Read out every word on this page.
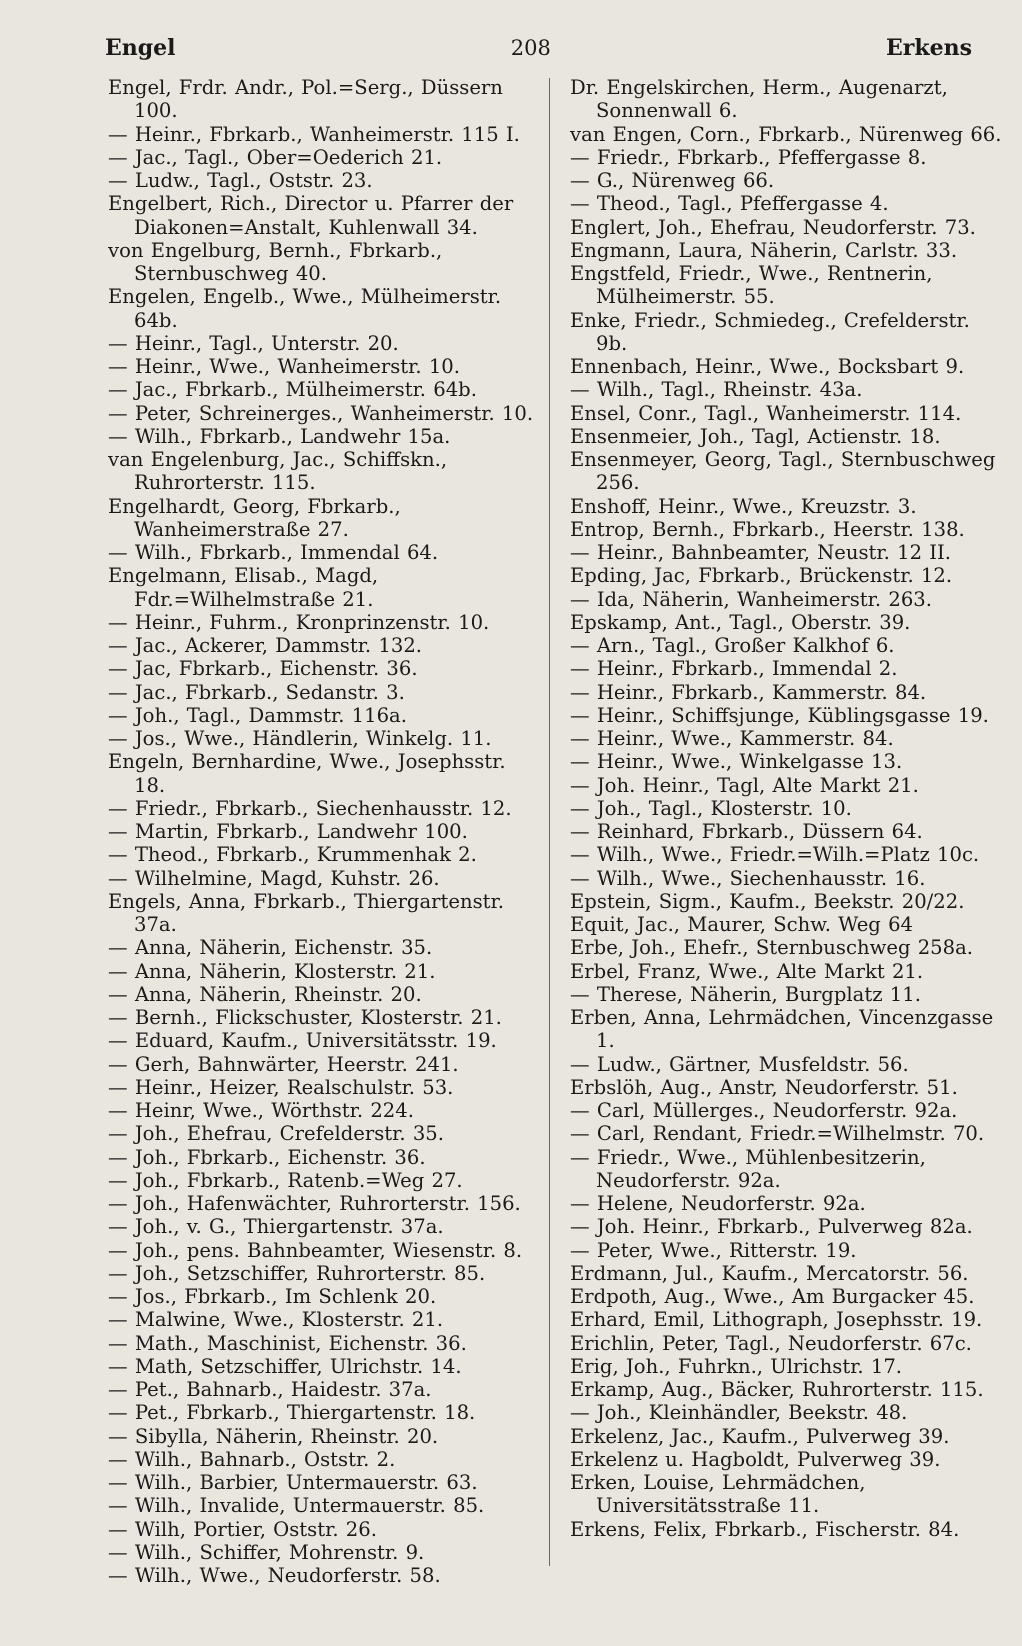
Engel	208	Erkens
Engel, Frdr. Andr., Pol.=Serg., Düssern 100.
— Heinr., Fbrkarb., Wanheimerstr. 115 I.
— Jac., Tagl., Ober=Oederich 21.
— Ludw., Tagl., Oststr. 23.
Engelbert, Rich., Director u. Pfarrer der Diakonen=Anstalt, Kuhlenwall 34.
von Engelburg, Bernh., Fbrkarb., Sternbuschweg 40.
Engelen, Engelb., Wwe., Mülheimerstr. 64b.
— Heinr., Tagl., Unterstr. 20.
— Heinr., Wwe., Wanheimerstr. 10.
— Jac., Fbrkarb., Mülheimerstr. 64b.
— Peter, Schreinerges., Wanheimerstr. 10.
— Wilh., Fbrkarb., Landwehr 15a.
van Engelenburg, Jac., Schiffskn., Ruhrorterstr. 115.
Engelhardt, Georg, Fbrkarb., Wanheimerstraße 27.
— Wilh., Fbrkarb., Immendal 64.
Engelmann, Elisab., Magd, Fdr.=Wilhelmstraße 21.
— Heinr., Fuhrm., Kronprinzenstr. 10.
— Jac., Ackerer, Dammstr. 132.
— Jac, Fbrkarb., Eichenstr. 36.
— Jac., Fbrkarb., Sedanstr. 3.
— Joh., Tagl., Dammstr. 116a.
— Jos., Wwe., Händlerin, Winkelg. 11.
Engeln, Bernhardine, Wwe., Josephsstr. 18.
— Friedr., Fbrkarb., Siechenhausstr. 12.
— Martin, Fbrkarb., Landwehr 100.
— Theod., Fbrkarb., Krummenhak 2.
— Wilhelmine, Magd, Kuhstr. 26.
Engels, Anna, Fbrkarb., Thiergartenstr. 37a.
— Anna, Näherin, Eichenstr. 35.
— Anna, Näherin, Klosterstr. 21.
— Anna, Näherin, Rheinstr. 20.
— Bernh., Flickschuster, Klosterstr. 21.
— Eduard, Kaufm., Universitätsstr. 19.
— Gerh, Bahnwärter, Heerstr. 241.
— Heinr., Heizer, Realschulstr. 53.
— Heinr, Wwe., Wörthstr. 224.
— Joh., Ehefrau, Crefelderstr. 35.
— Joh., Fbrkarb., Eichenstr. 36.
— Joh., Fbrkarb., Ratenb.=Weg 27.
— Joh., Hafenwächter, Ruhrorterstr. 156.
— Joh., v. G., Thiergartenstr. 37a.
— Joh., pens. Bahnbeamter, Wiesenstr. 8.
— Joh., Setzschiffer, Ruhrorterstr. 85.
— Jos., Fbrkarb., Im Schlenk 20.
— Malwine, Wwe., Klosterstr. 21.
— Math., Maschinist, Eichenstr. 36.
— Math, Setzschiffer, Ulrichstr. 14.
— Pet., Bahnarb., Haidestr. 37a.
— Pet., Fbrkarb., Thiergartenstr. 18.
— Sibylla, Näherin, Rheinstr. 20.
— Wilh., Bahnarb., Oststr. 2.
— Wilh., Barbier, Untermauerstr. 63.
— Wilh., Invalide, Untermauerstr. 85.
— Wilh, Portier, Oststr. 26.
— Wilh., Schiffer, Mohrenstr. 9.
— Wilh., Wwe., Neudorferstr. 58.
Dr. Engelskirchen, Herm., Augenarzt, Sonnenwall 6.
van Engen, Corn., Fbrkarb., Nürenweg 66.
— Friedr., Fbrkarb., Pfeffergasse 8.
— G., Nürenweg 66.
— Theod., Tagl., Pfeffergasse 4.
Englert, Joh., Ehefrau, Neudorferstr. 73.
Engmann, Laura, Näherin, Carlstr. 33.
Engstfeld, Friedr., Wwe., Rentnerin, Mülheimerstr. 55.
Enke, Friedr., Schmiedeg., Crefelderstr. 9b.
Ennenbach, Heinr., Wwe., Bocksbart 9.
— Wilh., Tagl., Rheinstr. 43a.
Ensel, Conr., Tagl., Wanheimerstr. 114.
Ensenmeier, Joh., Tagl, Actienstr. 18.
Ensenmeyer, Georg, Tagl., Sternbuschweg 256.
Enshoff, Heinr., Wwe., Kreuzstr. 3.
Entrop, Bernh., Fbrkarb., Heerstr. 138.
— Heinr., Bahnbeamter, Neustr. 12 II.
Epding, Jac, Fbrkarb., Brückenstr. 12.
— Ida, Näherin, Wanheimerstr. 263.
Epskamp, Ant., Tagl., Oberstr. 39.
— Arn., Tagl., Großer Kalkhof 6.
— Heinr., Fbrkarb., Immendal 2.
— Heinr., Fbrkarb., Kammerstr. 84.
— Heinr., Schiffsjunge, Küblingsgasse 19.
— Heinr., Wwe., Kammerstr. 84.
— Heinr., Wwe., Winkelgasse 13.
— Joh. Heinr., Tagl, Alte Markt 21.
— Joh., Tagl., Klosterstr. 10.
— Reinhard, Fbrkarb., Düssern 64.
— Wilh., Wwe., Friedr.=Wilh.=Platz 10c.
— Wilh., Wwe., Siechenhausstr. 16.
Epstein, Sigm., Kaufm., Beekstr. 20/22.
Equit, Jac., Maurer, Schw. Weg 64
Erbe, Joh., Ehefr., Sternbuschweg 258a.
Erbel, Franz, Wwe., Alte Markt 21.
— Therese, Näherin, Burgplatz 11.
Erben, Anna, Lehrmädchen, Vincenzgasse 1.
— Ludw., Gärtner, Musfeldstr. 56.
Erbslöh, Aug., Anstr, Neudorferstr. 51.
— Carl, Müllerges., Neudorferstr. 92a.
— Carl, Rendant, Friedr.=Wilhelmstr. 70.
— Friedr., Wwe., Mühlenbesitzerin, Neudorferstr. 92a.
— Helene, Neudorferstr. 92a.
— Joh. Heinr., Fbrkarb., Pulverweg 82a.
— Peter, Wwe., Ritterstr. 19.
Erdmann, Jul., Kaufm., Mercatorstr. 56.
Erdpoth, Aug., Wwe., Am Burgacker 45.
Erhard, Emil, Lithograph, Josephsstr. 19.
Erichlin, Peter, Tagl., Neudorferstr. 67c.
Erig, Joh., Fuhrkn., Ulrichstr. 17.
Erkamp, Aug., Bäcker, Ruhrorterstr. 115.
— Joh., Kleinhändler, Beekstr. 48.
Erkelenz, Jac., Kaufm., Pulverweg 39.
Erkelenz u. Hagboldt, Pulverweg 39.
Erken, Louise, Lehrmädchen, Universitätsstraße 11.
Erkens, Felix, Fbrkarb., Fischerstr. 84.
